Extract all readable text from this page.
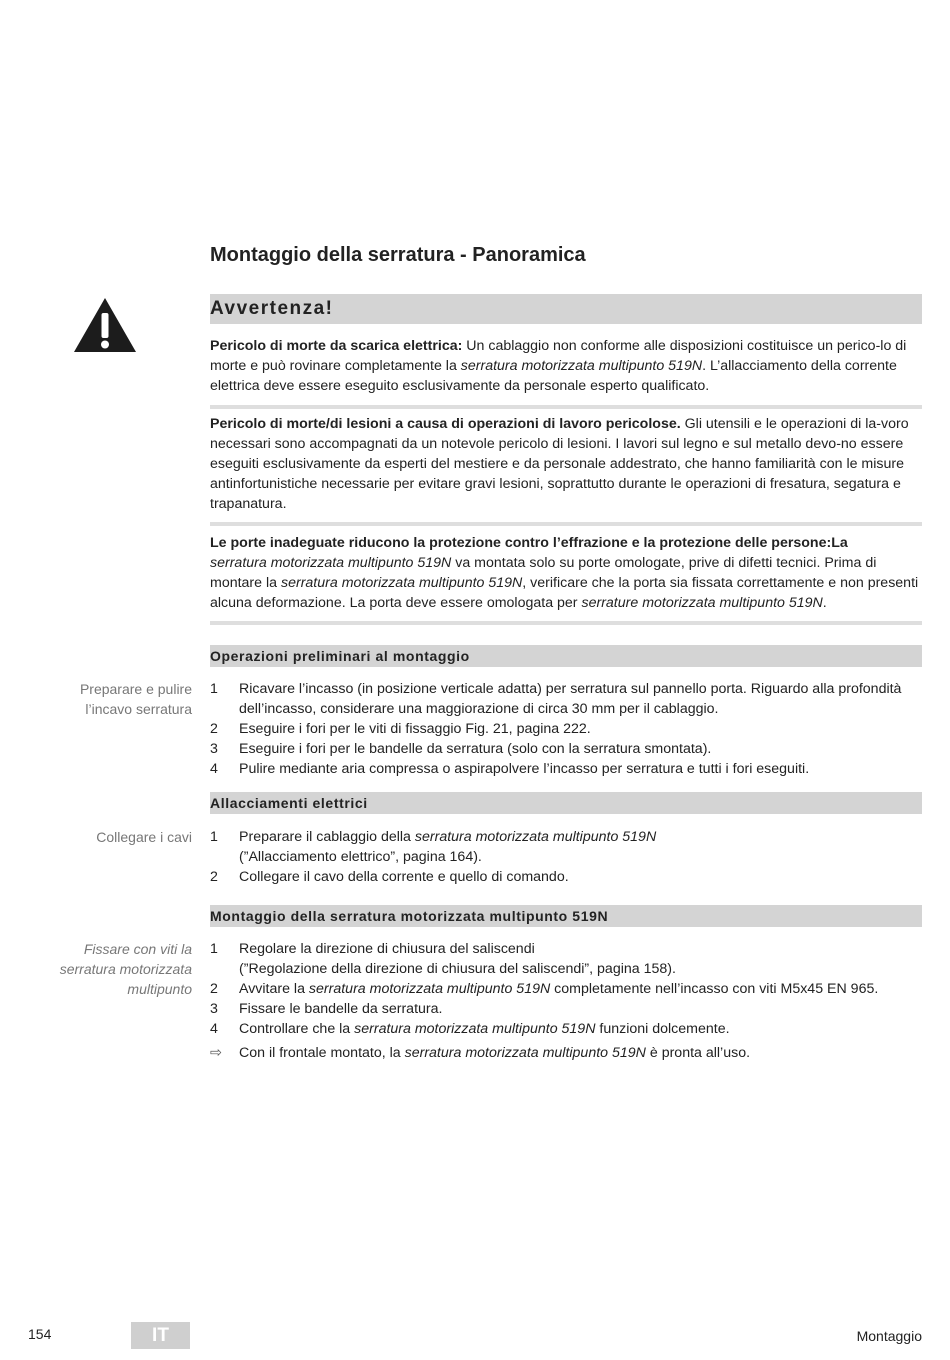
Montaggio della serratura - Panoramica
Avvertenza!
Pericolo di morte da scarica elettrica: Un cablaggio non conforme alle disposizioni costituisce un perico-lo di morte e può rovinare completamente la serratura motorizzata multipunto 519N. L’allacciamento della corrente elettrica deve essere eseguito esclusivamente da personale esperto qualificato.
Pericolo di morte/di lesioni a causa di operazioni di lavoro pericolose. Gli utensili e le operazioni di la-voro necessari sono accompagnati da un notevole pericolo di lesioni. I lavori sul legno e sul metallo devo-no essere eseguiti esclusivamente da esperti del mestiere e da personale addestrato, che hanno familiarità con le misure antinfortunistiche necessarie per evitare gravi lesioni, soprattutto durante le operazioni di fresatura, segatura e trapanatura.
Le porte inadeguate riducono la protezione contro l’effrazione e la protezione delle persone:La
serratura motorizzata multipunto 519N va montata solo su porte omologate, prive di difetti tecnici. Prima di montare la serratura motorizzata multipunto 519N, verificare che la porta sia fissata correttamente e non presenti alcuna deformazione. La porta deve essere omologata per serrature motorizzata multipunto 519N.
Operazioni preliminari al montaggio
Preparare e pulire l’incavo serratura
1 Ricavare l’incasso (in posizione verticale adatta) per serratura sul pannello porta. Riguardo alla profondità dell’incasso, considerare una maggiorazione di circa 30 mm per il cablaggio.
2 Eseguire i fori per le viti di fissaggio Fig. 21, pagina 222.
3 Eseguire i fori per le bandelle da serratura (solo con la serratura smontata).
4 Pulire mediante aria compressa o aspirapolvere l’incasso per serratura e tutti i fori eseguiti.
Allacciamenti elettrici
Collegare i cavi 1 Preparare il cablaggio della serratura motorizzata multipunto 519N
(”Allacciamento elettrico”, pagina 164).
2 Collegare il cavo della corrente e quello di comando.
Montaggio della serratura motorizzata multipunto 519N
Fissare con viti la serratura motorizzata multipunto
1 Regolare la direzione di chiusura del saliscendi
(”Regolazione della direzione di chiusura del saliscendi”, pagina 158).
2 Avvitare la serratura motorizzata multipunto 519N completamente nell’incasso con viti M5x45 EN 965.
3 Fissare le bandelle da serratura.
4 Controllare che la serratura motorizzata multipunto 519N funzioni dolcemente.
⇨	Con il frontale montato, la serratura motorizzata multipunto 519N è pronta all’uso.
154	IT	Montaggio
